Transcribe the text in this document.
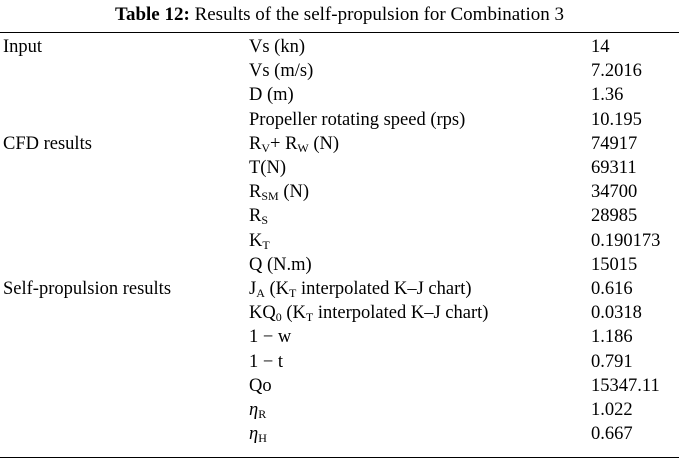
Table 12: Results of the self-propulsion for Combination 3
Input	Vs (kn)	14
	Vs (m/s)	7.2016
	D (m)	1.36
	Propeller rotating speed (rps)	10.195
CFD results	$R_V+ R_W$ (N)	74917
	T(N)	69311
	$R_{SM}$ (N)	34700
	$R_S$	28985
	$K_T$	0.190173
	Q (N.m)	15015
Self-propulsion results	$J_A$ ($K_T$ interpolated K–J chart)	0.616
	$KQ_0$ ($K_T$ interpolated K–J chart)	0.0318
	1 − w	1.186
	1 − t	0.791
	Qo	15347.11
	$\eta_R$	1.022
	$\eta_H$	0.667
